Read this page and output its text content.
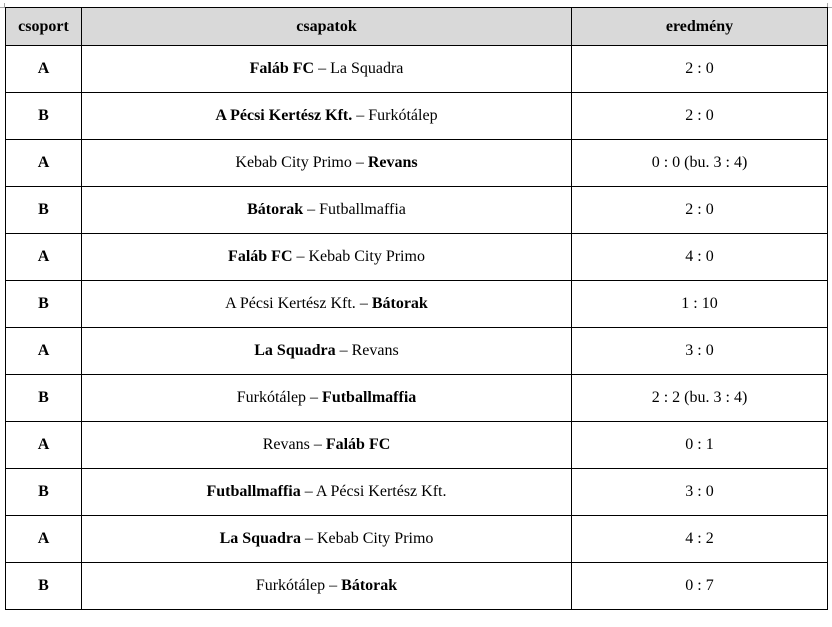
csoport	csapatok	eredmény
A	Faláb FC – La Squadra	2 : 0
B	A Pécsi Kertész Kft. – Furkótálep	2 : 0
A	Kebab City Primo – Revans	0 : 0 (bu. 3 : 4)
B	Bátorak – Futballmaffia	2 : 0
A	Faláb FC – Kebab City Primo	4 : 0
B	A Pécsi Kertész Kft. – Bátorak	1 : 10
A	La Squadra – Revans	3 : 0
B	Furkótálep – Futballmaffia	2 : 2 (bu. 3 : 4)
A	Revans – Faláb FC	0 : 1
B	Futballmaffia – A Pécsi Kertész Kft.	3 : 0
A	La Squadra – Kebab City Primo	4 : 2
B	Furkótálep – Bátorak	0 : 7
